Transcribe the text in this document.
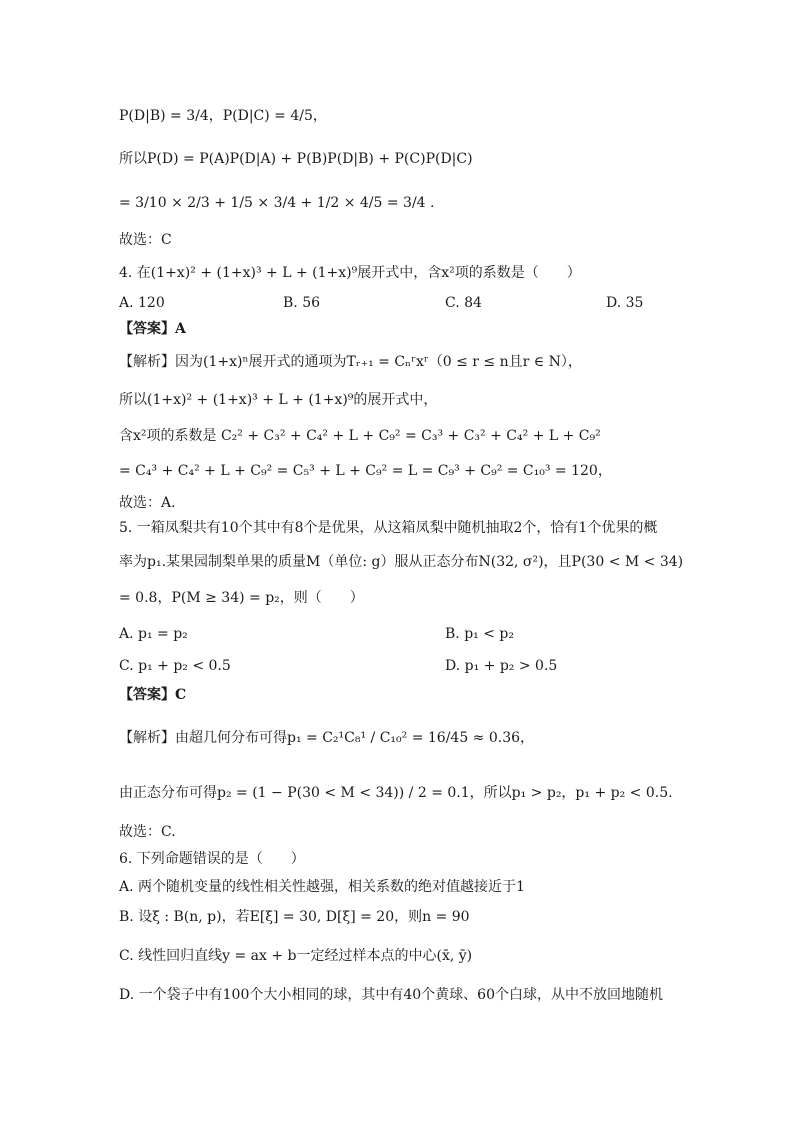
P(D|B) = 3/4，P(D|C) = 4/5，
所以P(D) = P(A)P(D|A) + P(B)P(D|B) + P(C)P(D|C)
= 3/10 × 2/3 + 1/5 × 3/4 + 1/2 × 4/5 = 3/4 .
故选：C
4. 在(1+x)² + (1+x)³ + L + (1+x)⁹展开式中，含x²项的系数是（　　）
A. 120	B. 56	C. 84	D. 35
【答案】A
【解析】因为(1+x)ⁿ展开式的通项为Tᵣ₊₁ = Cₙʳxʳ（0 ≤ r ≤ n且r ∈ N），
所以(1+x)² + (1+x)³ + L + (1+x)⁹的展开式中，
含x²项的系数是 C₂² + C₃² + C₄² + L + C₉² = C₃³ + C₃² + C₄² + L + C₉²
= C₄³ + C₄² + L + C₉² = C₅³ + L + C₉² = L = C₉³ + C₉² = C₁₀³ = 120，
故选：A.
5. 一箱凤梨共有10个其中有8个是优果，从这箱凤梨中随机抽取2个，恰有1个优果的概
率为p₁.某果园制梨单果的质量M（单位: g）服从正态分布N(32, σ²)，且P(30 < M < 34)
= 0.8，P(M ≥ 34) = p₂，则（　　）
A. p₁ = p₂	B. p₁ < p₂
C. p₁ + p₂ < 0.5	D. p₁ + p₂ > 0.5
【答案】C
【解析】由超几何分布可得p₁ = C₂¹C₈¹ / C₁₀² = 16/45 ≈ 0.36，
由正态分布可得p₂ = (1 − P(30 < M < 34)) / 2 = 0.1，所以p₁ > p₂，p₁ + p₂ < 0.5.
故选：C.
6. 下列命题错误的是（　　）
A. 两个随机变量的线性相关性越强，相关系数的绝对值越接近于1
B. 设ξ : B(n, p)，若E[ξ] = 30, D[ξ] = 20，则n = 90
C. 线性回归直线y = ax + b一定经过样本点的中心(x̄, ȳ)
D. 一个袋子中有100个大小相同的球，其中有40个黄球、60个白球，从中不放回地随机
